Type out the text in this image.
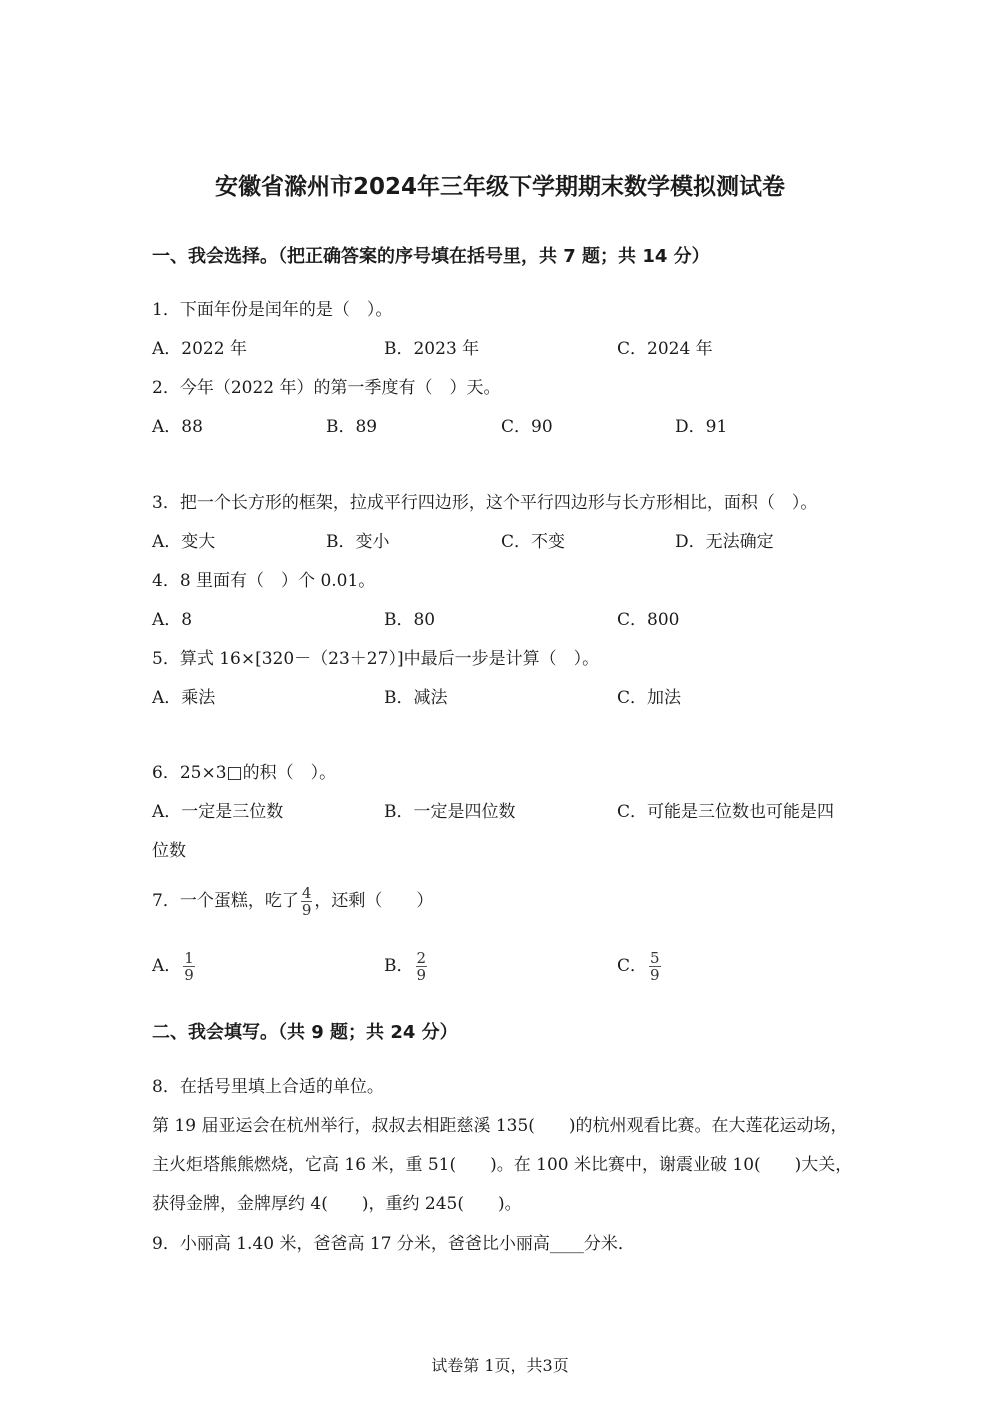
安徽省滁州市2024年三年级下学期期末数学模拟测试卷
一、我会选择。（把正确答案的序号填在括号里，共 7 题；共 14 分）
1．下面年份是闰年的是（　）。
A．2022 年	B．2023 年	C．2024 年
2．今年（2022 年）的第一季度有（　）天。
A．88	B．89	C．90	D．91
3．把一个长方形的框架，拉成平行四边形，这个平行四边形与长方形相比，面积（　）。
A．变大	B．变小	C．不变	D．无法确定
4．8 里面有（　）个 0.01。
A．8	B．80	C．800
5．算式 16×[320－（23＋27）]中最后一步是计算（　）。
A．乘法	B．减法	C．加法
6．25×3□的积（　）。
A．一定是三位数	B．一定是四位数	C．可能是三位数也可能是四
位数
7．一个蛋糕，吃了 $\frac{4}{9}$ ，还剩（　　）
A． $\frac{1}{9}$	B． $\frac{2}{9}$	C． $\frac{5}{9}$
二、我会填写。（共 9 题；共 24 分）
8．在括号里填上合适的单位。
第 19 届亚运会在杭州举行，叔叔去相距慈溪 135(　　)的杭州观看比赛。在大莲花运动场，
主火炬塔熊熊燃烧，它高 16 米，重 51(　　)。在 100 米比赛中，谢震业破 10(　　)大关，
获得金牌，金牌厚约 4(　　)，重约 245(　　)。
9．小丽高 1.40 米，爸爸高 17 分米，爸爸比小丽高____分米．
试卷第 1页，共3页
